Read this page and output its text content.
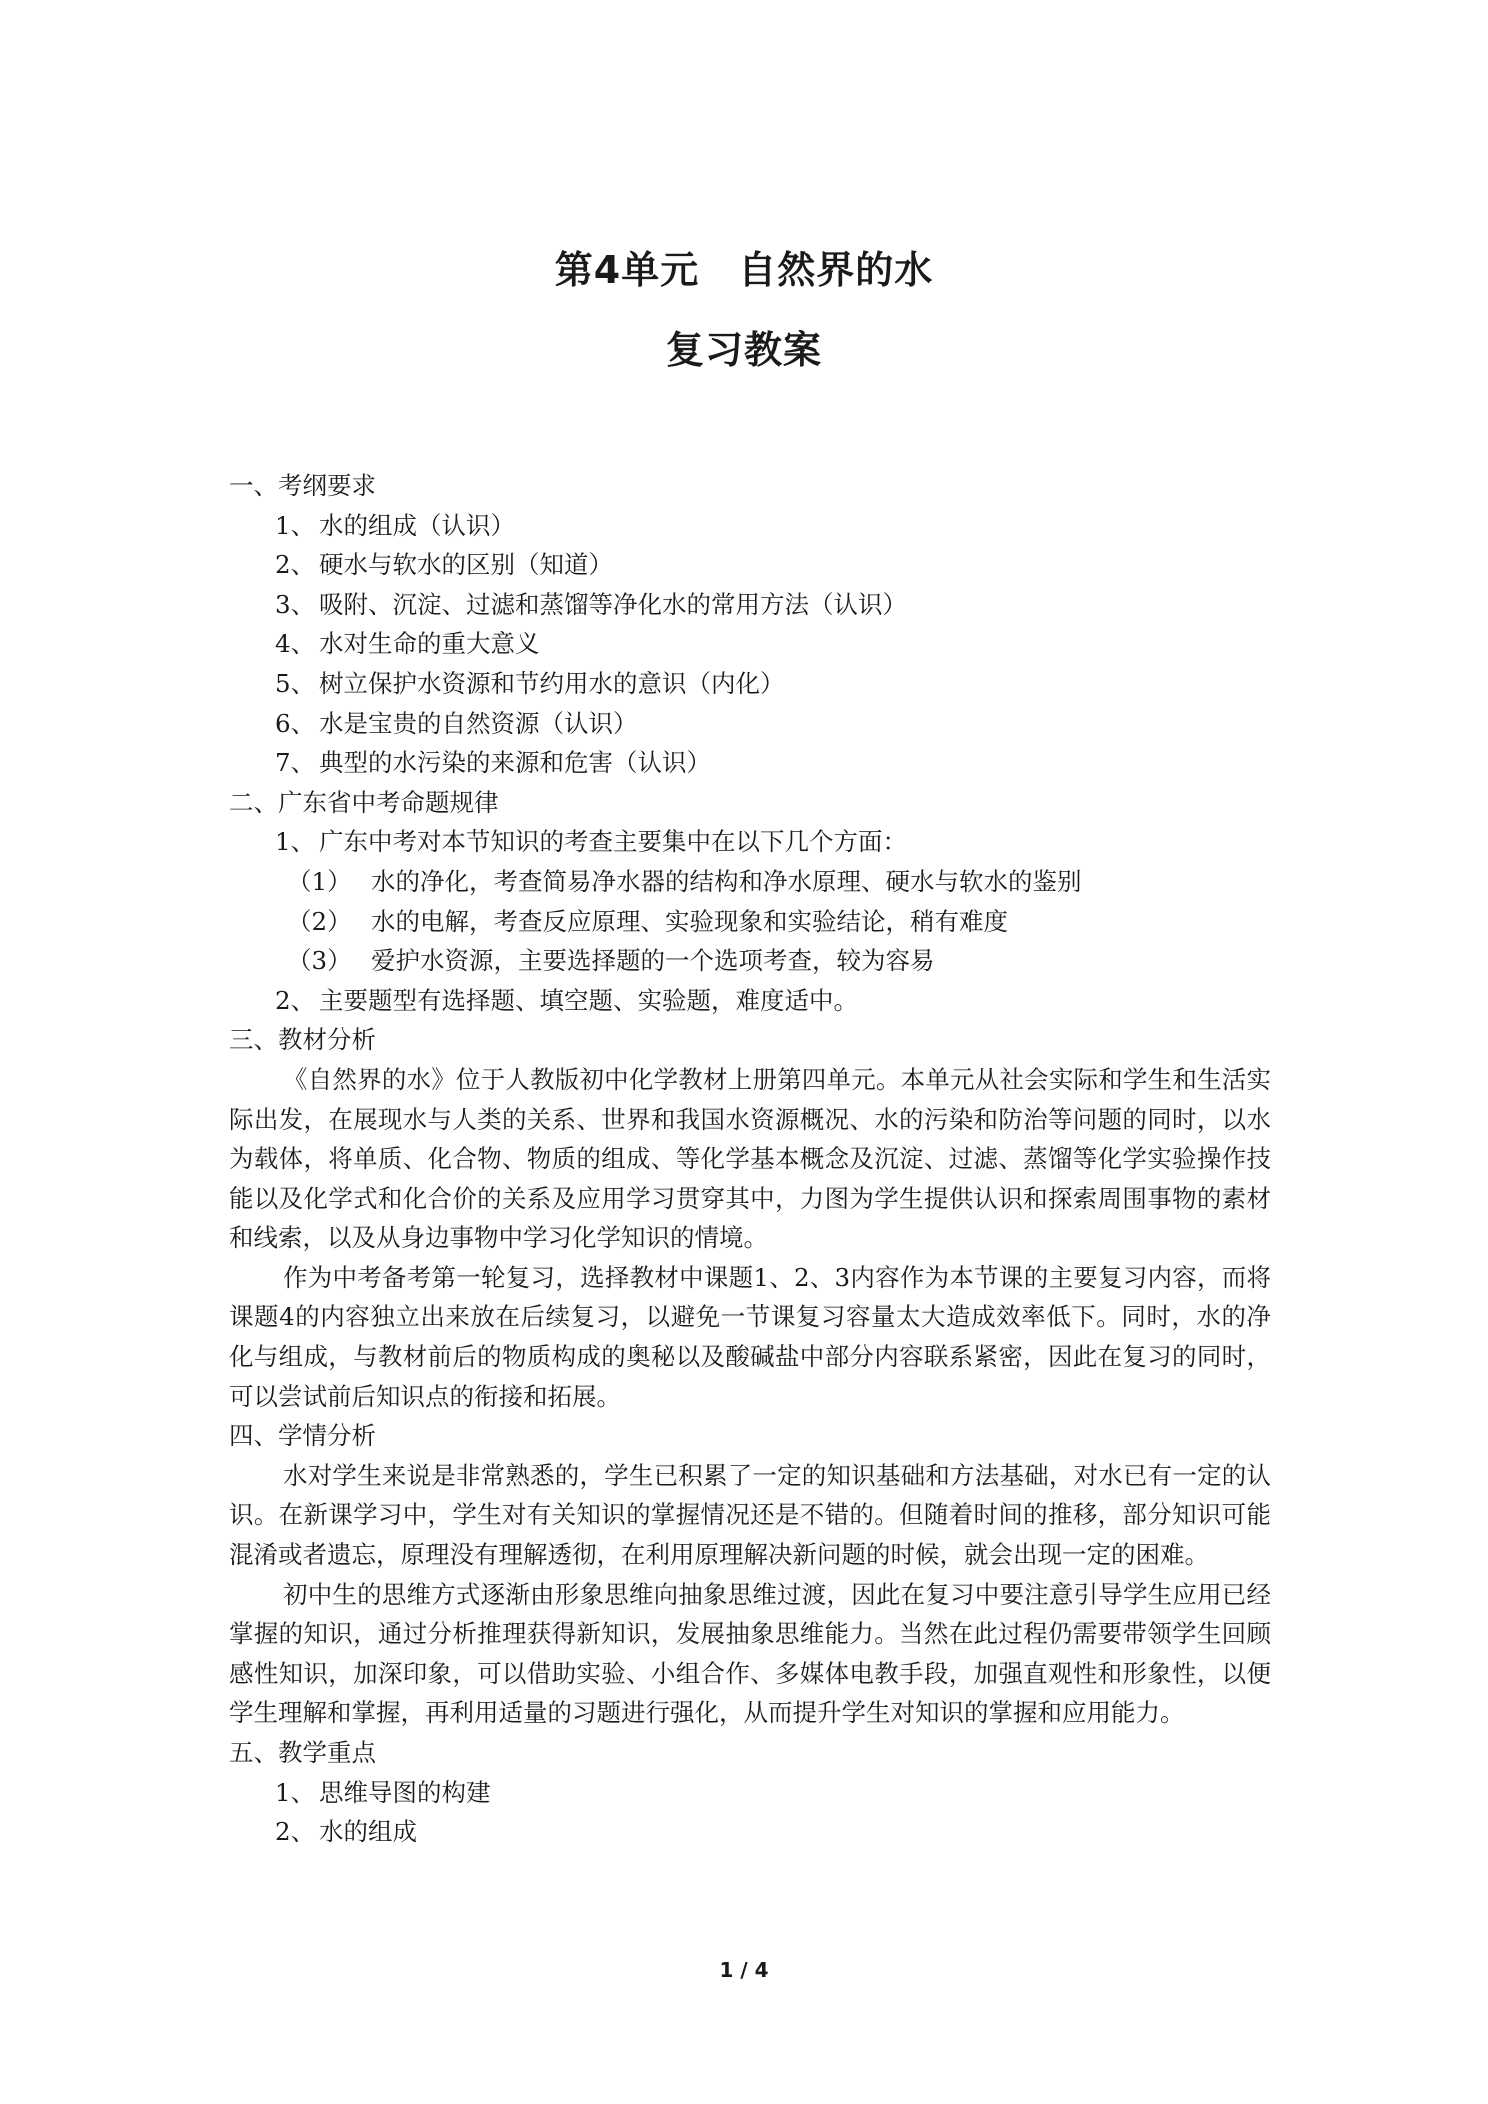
第4单元　自然界的水
复习教案
一、考纲要求
1、 水的组成（认识）
2、 硬水与软水的区别（知道）
3、 吸附、沉淀、过滤和蒸馏等净化水的常用方法（认识）
4、 水对生命的重大意义
5、 树立保护水资源和节约用水的意识（内化）
6、 水是宝贵的自然资源（认识）
7、 典型的水污染的来源和危害（认识）
二、广东省中考命题规律
1、 广东中考对本节知识的考查主要集中在以下几个方面：
（1） 水的净化，考查简易净水器的结构和净水原理、硬水与软水的鉴别
（2） 水的电解，考查反应原理、实验现象和实验结论，稍有难度
（3） 爱护水资源，主要选择题的一个选项考查，较为容易
2、 主要题型有选择题、填空题、实验题，难度适中。
三、教材分析

《自然界的水》位于人教版初中化学教材上册第四单元。本单元从社会实际和学生和生活实际出发，在展现水与人类的关系、世界和我国水资源概况、水的污染和防治等问题的同时，以水为载体，将单质、化合物、物质的组成、等化学基本概念及沉淀、过滤、蒸馏等化学实验操作技能以及化学式和化合价的关系及应用学习贯穿其中，力图为学生提供认识和探索周围事物的素材和线索，以及从身边事物中学习化学知识的情境。

作为中考备考第一轮复习，选择教材中课题1、2、3内容作为本节课的主要复习内容，而将课题4的内容独立出来放在后续复习，以避免一节课复习容量太大造成效率低下。同时，水的净化与组成，与教材前后的物质构成的奥秘以及酸碱盐中部分内容联系紧密，因此在复习的同时，可以尝试前后知识点的衔接和拓展。

四、学情分析

水对学生来说是非常熟悉的，学生已积累了一定的知识基础和方法基础，对水已有一定的认识。在新课学习中，学生对有关知识的掌握情况还是不错的。但随着时间的推移，部分知识可能混淆或者遗忘，原理没有理解透彻，在利用原理解决新问题的时候，就会出现一定的困难。

初中生的思维方式逐渐由形象思维向抽象思维过渡，因此在复习中要注意引导学生应用已经掌握的知识，通过分析推理获得新知识，发展抽象思维能力。当然在此过程仍需要带领学生回顾感性知识，加深印象，可以借助实验、小组合作、多媒体电教手段，加强直观性和形象性，以便学生理解和掌握，再利用适量的习题进行强化，从而提升学生对知识的掌握和应用能力。

五、教学重点
1、 思维导图的构建
2、 水的组成
1 / 4
